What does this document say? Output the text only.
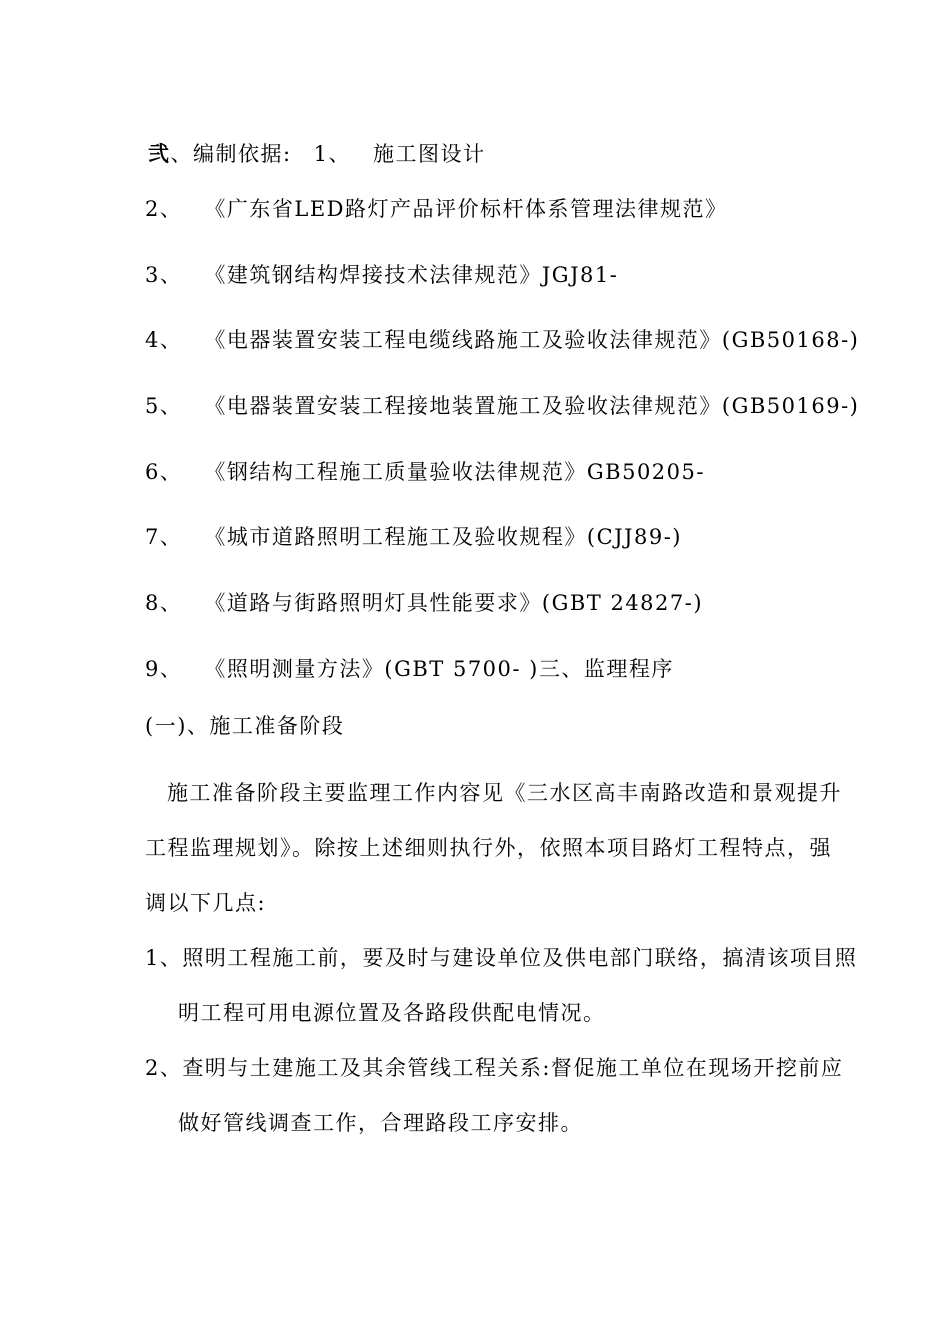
弐、编制依据: 1、 施工图设计
2、 《广东省LED路灯产品评价标杆体系管理法律规范》
3、 《建筑钢结构焊接技术法律规范》JGJ81-
4、 《电器装置安装工程电缆线路施工及验收法律规范》(GB50168-)
5、 《电器装置安装工程接地装置施工及验收法律规范》(GB50169-)
6、 《钢结构工程施工质量验收法律规范》GB50205-
7、 《城市道路照明工程施工及验收规程》(CJJ89-)
8、 《道路与街路照明灯具性能要求》(GBT 24827-)
9、 《照明测量方法》(GBT 5700- )三、监理程序
(一)、施工准备阶段
施工准备阶段主要监理工作内容见《三水区高丰南路改造和景观提升
工程监理规划》。除按上述细则执行外，依照本项目路灯工程特点，强
调以下几点:
1、照明工程施工前，要及时与建设单位及供电部门联络，搞清该项目照
明工程可用电源位置及各路段供配电情况。
2、查明与土建施工及其余管线工程关系:督促施工单位在现场开挖前应
做好管线调查工作，合理路段工序安排。
